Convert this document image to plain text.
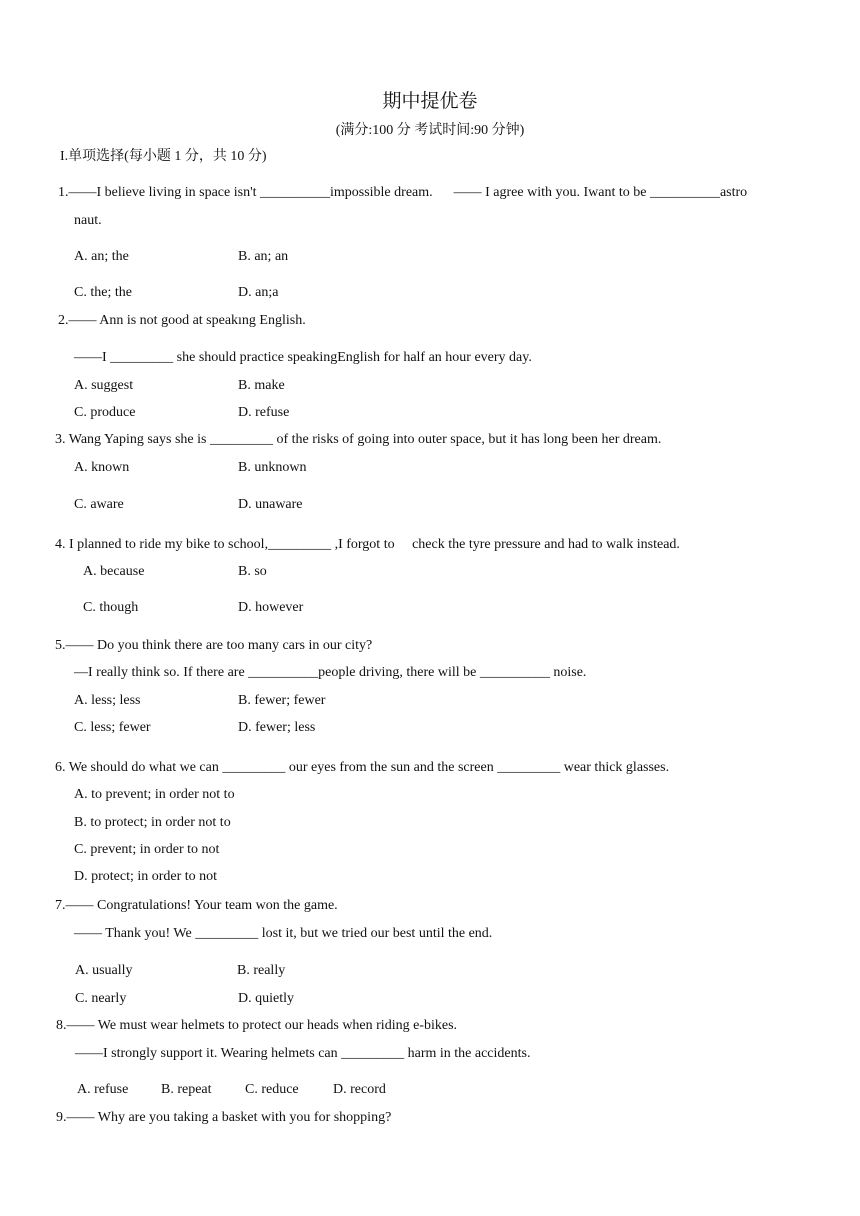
期中提优卷
(满分:100 分 考试时间:90 分钟)
I.单项选择(每小题 1 分，共 10 分)
1.——I believe living in space isn't __________impossible dream.      —— I agree with you. Iwant to be __________astro
naut.
A. an; the	B. an; an
C. the; the	D. an;a
2.—— Ann is not good at speakıng English.
——I _________ she should practice speakingEnglish for half an hour every day.
A. suggest	B. make
C. produce	D. refuse
3. Wang Yaping says she is _________ of the risks of going into outer space, but it has long been her dream.
A. known	B. unknown
C. aware	D. unaware
4. I planned to ride my bike to school,_________ ,I forgot to     check the tyre pressure and had to walk instead.
A. because	B. so
C. though	D. however
5.—— Do you think there are too many cars in our city?
—I really think so. If there are __________people driving, there will be __________ noise.
A. less; less	B. fewer; fewer
C. less; fewer	D. fewer; less
6. We should do what we can _________ our eyes from the sun and the screen _________ wear thick glasses.
A. to prevent; in order not to
B. to protect; in order not to
C. prevent; in order to not
D. protect; in order to not
7.—— Congratulations! Your team won the game.
—— Thank you! We _________ lost it, but we tried our best until the end.
A. usually	B. really
C. nearly	D. quietly
8.—— We must wear helmets to protect our heads when riding e-bikes.
——I strongly support it. Wearing helmets can _________ harm in the accidents.
A. refuse B. repeat C. reduce D. record
9.—— Why are you taking a basket with you for shopping?
